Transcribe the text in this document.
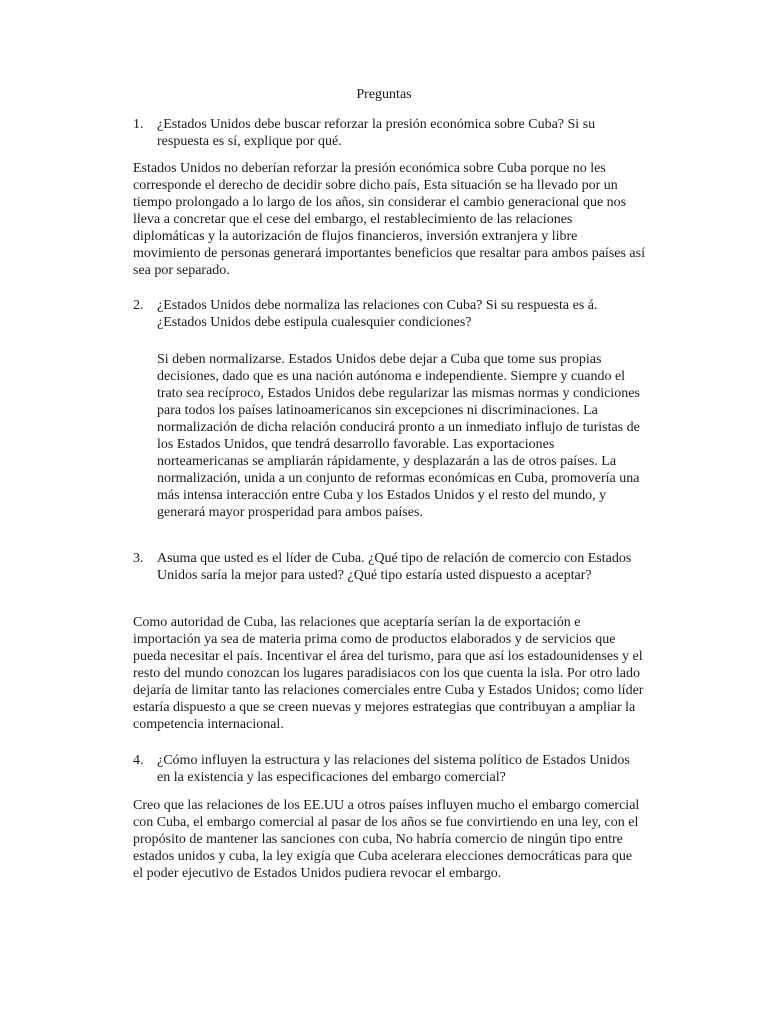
Preguntas
1. ¿Estados Unidos debe buscar reforzar la presión económica sobre Cuba? Si su respuesta es sí, explique por qué.

Estados Unidos no deberían reforzar la presión económica sobre Cuba porque no les corresponde el derecho de decidir sobre dicho país, Esta situación se ha llevado por un tiempo prolongado a lo largo de los años, sin considerar el cambio generacional que nos lleva a concretar que el cese del embargo, el restablecimiento de las relaciones diplomáticas y la autorización de flujos financieros, inversión extranjera y libre movimiento de personas generará importantes beneficios que resaltar para ambos países así sea por separado.

2. ¿Estados Unidos debe normaliza las relaciones con Cuba? Si su respuesta es á. ¿Estados Unidos debe estipula cualesquier condiciones?

Si deben normalizarse. Estados Unidos debe dejar a Cuba que tome sus propias decisiones, dado que es una nación autónoma e independiente. Siempre y cuando el trato sea recíproco, Estados Unidos debe regularizar las mismas normas y condiciones para todos los países latinoamericanos sin excepciones ni discriminaciones. La normalización de dicha relación conducirá pronto a un inmediato influjo de turistas de los Estados Unidos, que tendrá desarrollo favorable. Las exportaciones norteamericanas se ampliarán rápidamente, y desplazarán a las de otros países. La normalización, unida a un conjunto de reformas económicas en Cuba, promovería una más intensa interacción entre Cuba y los Estados Unidos y el resto del mundo, y generará mayor prosperidad para ambos países.

3. Asuma que usted es el líder de Cuba. ¿Qué tipo de relación de comercio con Estados Unidos saría la mejor para usted? ¿Qué tipo estaría usted dispuesto a aceptar?

Como autoridad de Cuba, las relaciones que aceptaría serían la de exportación e importación ya sea de materia prima como de productos elaborados y de servicios que pueda necesitar el país. Incentivar el área del turismo, para que así los estadounidenses y el resto del mundo conozcan los lugares paradisiacos con los que cuenta la isla. Por otro lado dejaría de limitar tanto las relaciones comerciales entre Cuba y Estados Unidos; como líder estaría dispuesto a que se creen nuevas y mejores estrategias que contribuyan a ampliar la competencia internacional.

4. ¿Cómo influyen la estructura y las relaciones del sistema político de Estados Unidos en la existencia y las especificaciones del embargo comercial?

Creo que las relaciones de los EE.UU a otros países influyen mucho el embargo comercial con Cuba, el embargo comercial al pasar de los años se fue convirtiendo en una ley, con el propósito de mantener las sanciones con cuba, No habría comercio de ningún tipo entre estados unidos y cuba, la ley exigía que Cuba acelerara elecciones democráticas para que el poder ejecutivo de Estados Unidos pudiera revocar el embargo.
